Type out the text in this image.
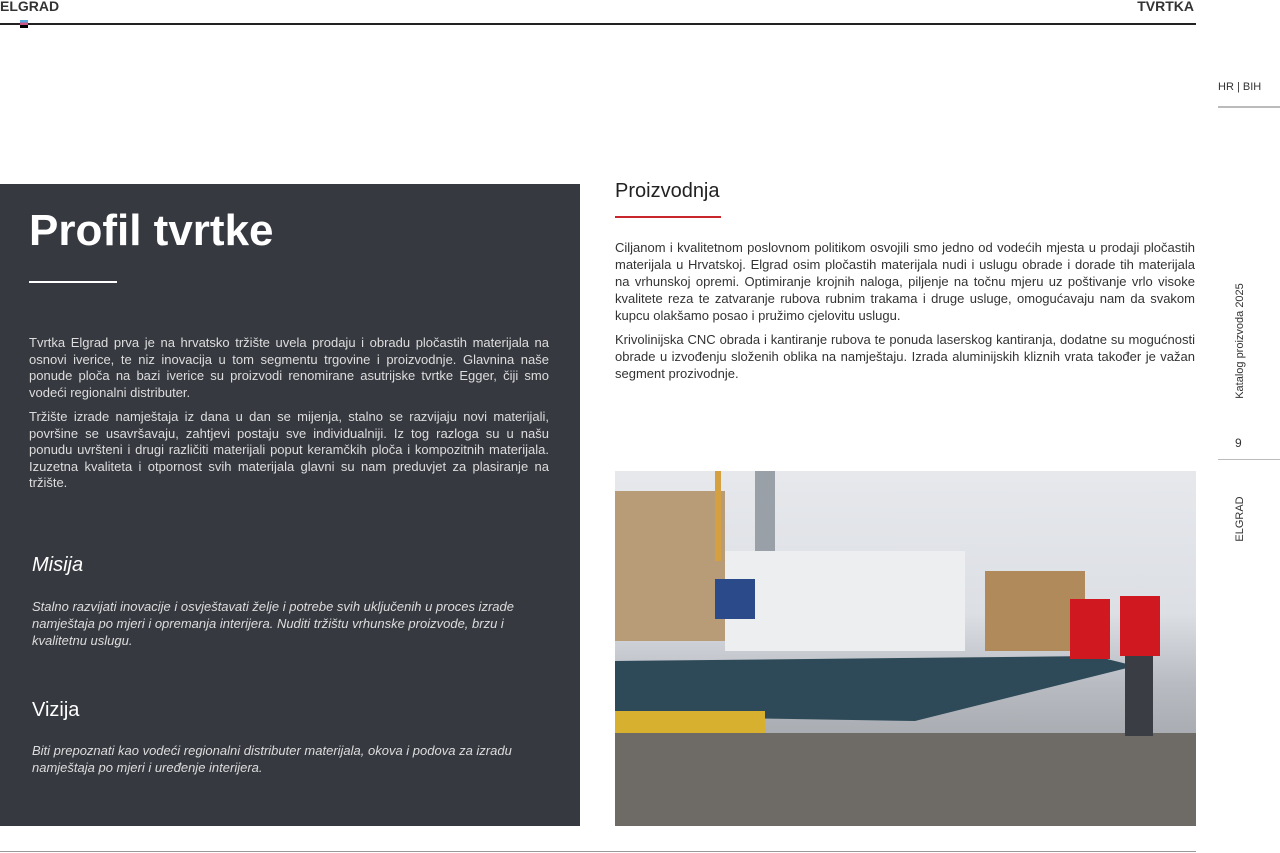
ELGRAD	TVRTKA
HR | BIH
Katalog proizvoda 2025
9
ELGRAD
Profil tvrtke

Tvrtka Elgrad prva je na hrvatsko tržište uvela prodaju i obradu pločastih materijala na osnovi iverice, te niz inovacija u tom segmentu trgovine i proizvodnje. Glavnina naše ponude ploča na bazi iverice su proizvodi renomirane asutrijske tvrtke Egger, čiji smo vodeći regionalni distributer.

Tržište izrade namještaja iz dana u dan se mijenja, stalno se razvijaju novi materijali, površine se usavršavaju, zahtjevi postaju sve individualniji. Iz tog razloga su u našu ponudu uvršteni i drugi različiti materijali poput keramčkih ploča i kompozitnih materijala. Izuzetna kvaliteta i otpornost svih materijala glavni su nam preduvjet za plasiranje na tržište.

Misija
Stalno razvijati inovacije i osvještavati želje i potrebe svih uključenih u proces izrade namještaja po mjeri i opremanja interijera. Nuditi tržištu vrhunske proizvode, brzu i kvalitetnu uslugu.
Vizija
Biti prepoznati kao vodeći regionalni distributer materijala, okova i podova za izradu namještaja po mjeri i uređenje interijera.
Proizvodnja

Ciljanom i kvalitetnom poslovnom politikom osvojili smo jedno od vodećih mjesta u prodaji pločastih materijala u Hrvatskoj. Elgrad osim pločastih materijala nudi i uslugu obrade i dorade tih materijala na vrhunskoj opremi. Optimiranje krojnih naloga, piljenje na točnu mjeru uz poštivanje vrlo visoke kvalitete reza te zatvaranje rubova rubnim trakama i druge usluge, omogućavaju nam da svakom kupcu olakšamo posao i pružimo cjelovitu uslugu.

Krivolinijska CNC obrada i kantiranje rubova te ponuda laserskog kantiranja, dodatne su mogućnosti obrade u izvođenju složenih oblika na namještaju. Izrada aluminijskih kliznih vrata također je važan segment prozivodnje.
